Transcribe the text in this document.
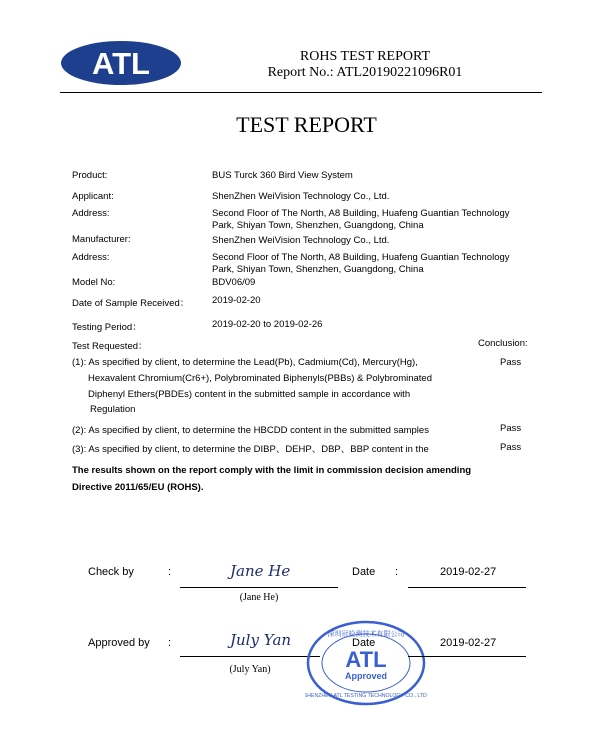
ATL	ROHS TEST REPORT
Report No.: ATL20190221096R01
TEST REPORT
Product:	BUS Turck 360 Bird View System
Applicant:	ShenZhen WeiVision Technology Co., Ltd.
Address:	Second Floor of The North, A8 Building, Huafeng Guantian Technology
Park, Shiyan Town, Shenzhen, Guangdong, China
Manufacturer:	ShenZhen WeiVision Technology Co., Ltd.
Address:	Second Floor of The North, A8 Building, Huafeng Guantian Technology
Park, Shiyan Town, Shenzhen, Guangdong, China
Model No:	BDV06/09
Date of Sample Received： 2019-02-20
Testing Period：	2019-02-20 to 2019-02-26
Test Requested：	Conclusion:
(1): As specified by client, to determine the Lead(Pb), Cadmium(Cd), Mercury(Hg),
Hexavalent Chromium(Cr6+), Polybrominated Biphenyls(PBBs) & Polybrominated
Diphenyl Ethers(PBDEs) content in the submitted sample in accordance with
Regulation
Pass
(2): As specified by client, to determine the HBCDD content in the submitted samples	Pass
(3): As specified by client, to determine the DIBP、DEHP、DBP、BBP content in the	Pass
The results shown on the report comply with the limit in commission decision amending
Directive 2011/65/EU (ROHS).
Check by	:	Jane He
(Jane He)
Date :	2019-02-27
Approved by :	July Yan
(July Yan)
深圳冠检测技术有限公司
ATL
Approved
SHENZHEN ATL TESTING TECHNOLOGY CO., LTD.
Date	2019-02-27
